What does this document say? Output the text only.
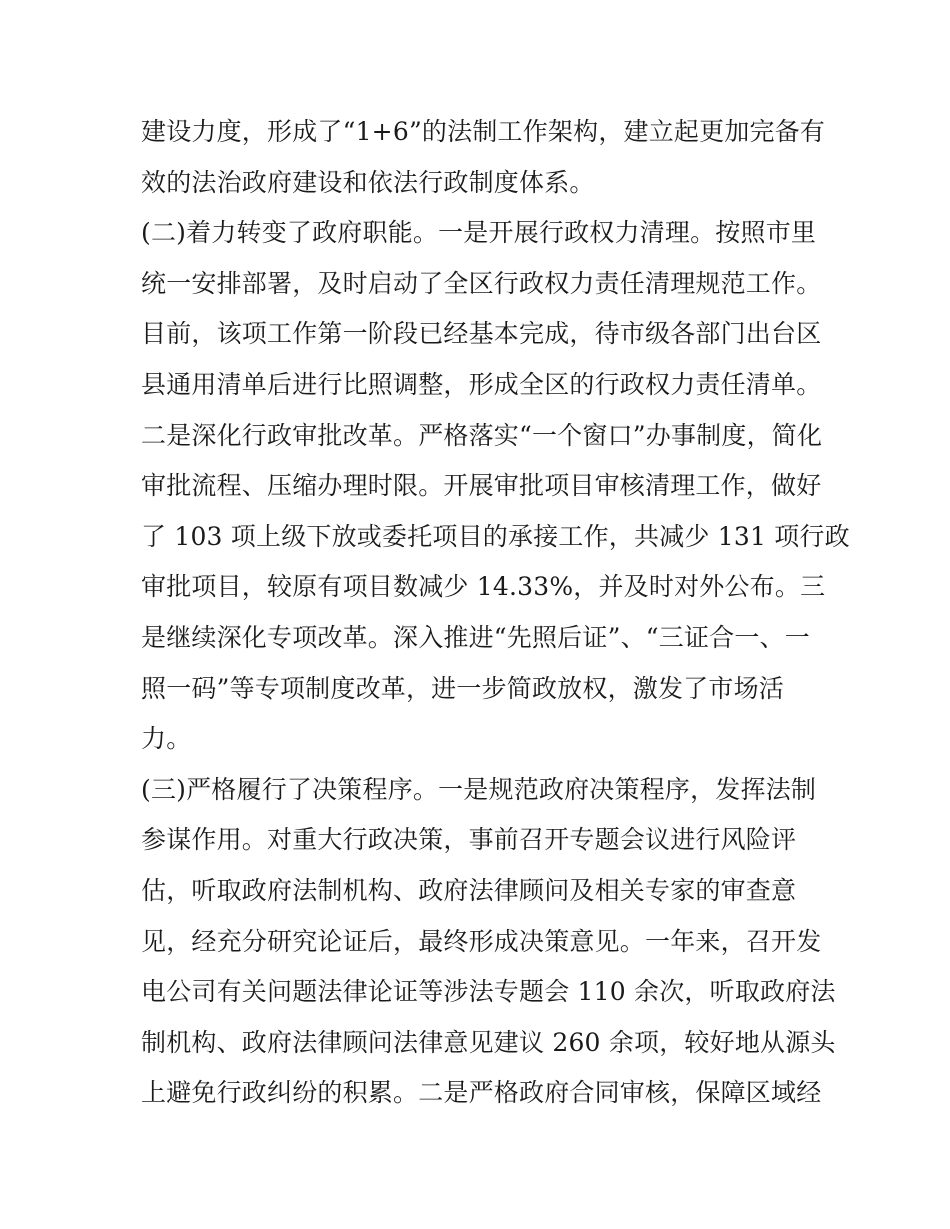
建设力度，形成了“1+6”的法制工作架构，建立起更加完备有
效的法治政府建设和依法行政制度体系。
(二)着力转变了政府职能。一是开展行政权力清理。按照市里
统一安排部署，及时启动了全区行政权力责任清理规范工作。
目前，该项工作第一阶段已经基本完成，待市级各部门出台区
县通用清单后进行比照调整，形成全区的行政权力责任清单。
二是深化行政审批改革。严格落实“一个窗口”办事制度，简化
审批流程、压缩办理时限。开展审批项目审核清理工作，做好
了 103 项上级下放或委托项目的承接工作，共减少 131 项行政
审批项目，较原有项目数减少 14.33%，并及时对外公布。三
是继续深化专项改革。深入推进“先照后证”、“三证合一、一
照一码”等专项制度改革，进一步简政放权，激发了市场活
力。
(三)严格履行了决策程序。一是规范政府决策程序，发挥法制
参谋作用。对重大行政决策，事前召开专题会议进行风险评
估，听取政府法制机构、政府法律顾问及相关专家的审查意
见，经充分研究论证后，最终形成决策意见。一年来，召开发
电公司有关问题法律论证等涉法专题会 110 余次，听取政府法
制机构、政府法律顾问法律意见建议 260 余项，较好地从源头
上避免行政纠纷的积累。二是严格政府合同审核，保障区域经
